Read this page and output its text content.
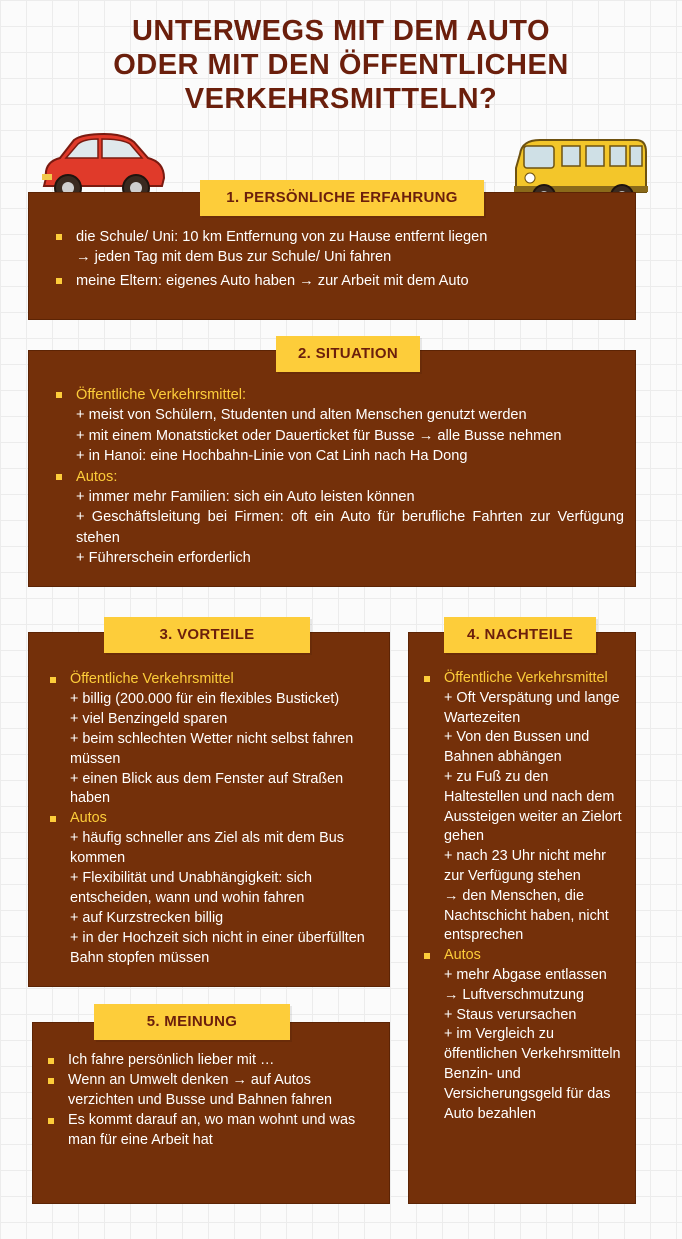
UNTERWEGS MIT DEM AUTO
ODER MIT DEN ÖFFENTLICHEN
VERKEHRSMITTELN?
1. PERSÖNLICHE ERFAHRUNG
die Schule/ Uni: 10 km Entfernung von zu Hause entfernt liegen
→ jeden Tag mit dem Bus zur Schule/ Uni fahren
meine Eltern: eigenes Auto haben → zur Arbeit mit dem Auto
2. SITUATION
Öffentliche Verkehrsmittel:
+ meist von Schülern, Studenten und alten Menschen genutzt werden
+ mit einem Monatsticket oder Dauerticket für Busse → alle Busse nehmen
+ in Hanoi: eine Hochbahn-Linie von Cat Linh nach Ha Dong
Autos:
+ immer mehr Familien: sich ein Auto leisten können
+ Geschäftsleitung bei Firmen: oft ein Auto für berufliche Fahrten zur Verfügung stehen
+ Führerschein erforderlich
3. VORTEILE
Öffentliche Verkehrsmittel
+ billig (200.000 für ein flexibles Busticket)
+ viel Benzingeld sparen
+ beim schlechten Wetter nicht selbst fahren müssen
+ einen Blick aus dem Fenster auf Straßen haben
Autos
+ häufig schneller ans Ziel als mit dem Bus kommen
+ Flexibilität und Unabhängigkeit: sich entscheiden, wann und wohin fahren
+ auf Kurzstrecken billig
+ in der Hochzeit sich nicht in einer überfüllten Bahn stopfen müssen
4. NACHTEILE
Öffentliche Verkehrsmittel
+ Oft Verspätung und lange Wartezeiten
+ Von den Bussen und Bahnen abhängen
+ zu Fuß zu den Haltestellen und nach dem Aussteigen weiter an Zielort gehen
+ nach 23 Uhr nicht mehr zur Verfügung stehen
→ den Menschen, die Nachtschicht haben, nicht entsprechen
Autos
+ mehr Abgase entlassen
→ Luftverschmutzung
+ Staus verursachen
+ im Vergleich zu öffentlichen Verkehrsmitteln Benzin- und Versicherungsgeld für das Auto bezahlen
5. MEINUNG
Ich fahre persönlich lieber mit …
Wenn an Umwelt denken → auf Autos verzichten und Busse und Bahnen fahren
Es kommt darauf an, wo man wohnt und was man für eine Arbeit hat
